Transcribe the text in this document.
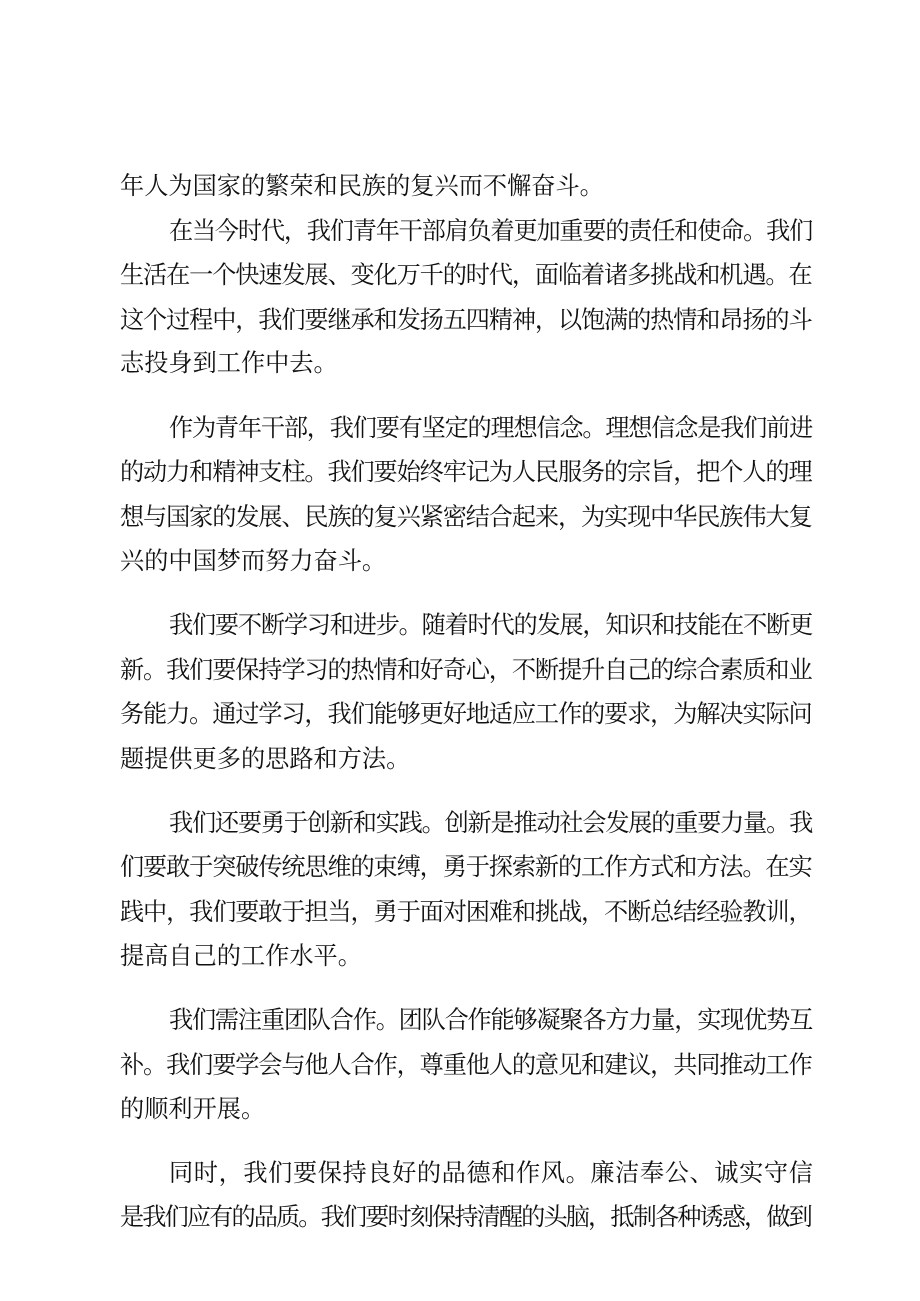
年人为国家的繁荣和民族的复兴而不懈奋斗。
在当今时代，我们青年干部肩负着更加重要的责任和使命。我们
生活在一个快速发展、变化万千的时代，面临着诸多挑战和机遇。在
这个过程中，我们要继承和发扬五四精神，以饱满的热情和昂扬的斗
志投身到工作中去。
作为青年干部，我们要有坚定的理想信念。理想信念是我们前进
的动力和精神支柱。我们要始终牢记为人民服务的宗旨，把个人的理
想与国家的发展、民族的复兴紧密结合起来，为实现中华民族伟大复
兴的中国梦而努力奋斗。
我们要不断学习和进步。随着时代的发展，知识和技能在不断更
新。我们要保持学习的热情和好奇心，不断提升自己的综合素质和业
务能力。通过学习，我们能够更好地适应工作的要求，为解决实际问
题提供更多的思路和方法。
我们还要勇于创新和实践。创新是推动社会发展的重要力量。我
们要敢于突破传统思维的束缚，勇于探索新的工作方式和方法。在实
践中，我们要敢于担当，勇于面对困难和挑战，不断总结经验教训，
提高自己的工作水平。
我们需注重团队合作。团队合作能够凝聚各方力量，实现优势互
补。我们要学会与他人合作，尊重他人的意见和建议，共同推动工作
的顺利开展。
同时，我们要保持良好的品德和作风。廉洁奉公、诚实守信
是我们应有的品质。我们要时刻保持清醒的头脑，抵制各种诱惑，做到
